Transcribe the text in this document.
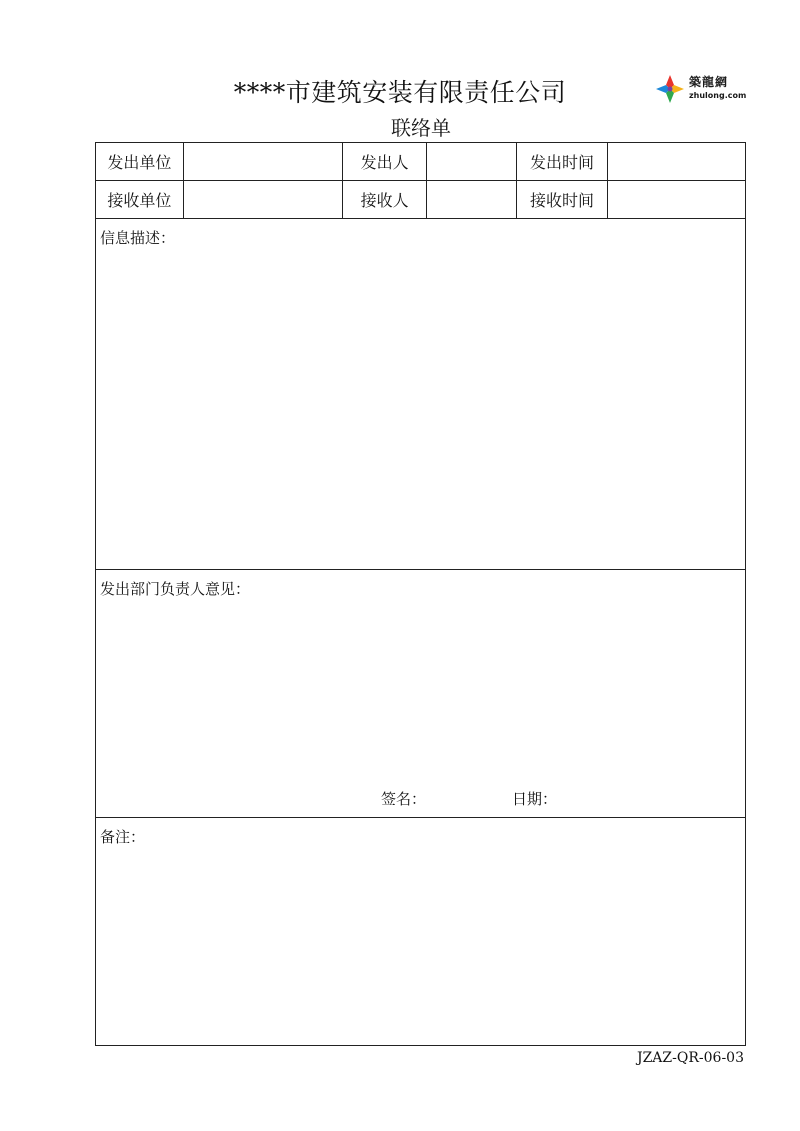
****市建筑安装有限责任公司
联络单
築龍網
zhulong.com
发出单位	发出人	发出时间
接收单位	接收人	接收时间
信息描述：
发出部门负责人意见：
签名：	日期：
备注：
JZAZ-QR-06-03
